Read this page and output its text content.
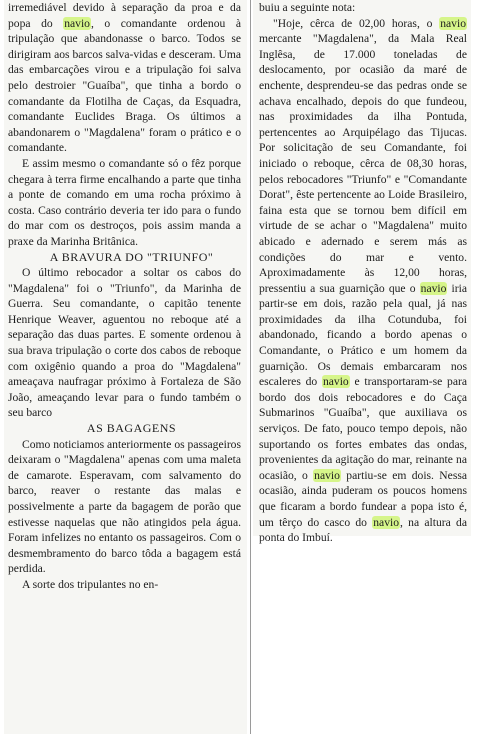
irremediável devido à separação da proa e da popa do navio, o comandante ordenou à tripulação que abandonasse o barco. Todos se dirigiram aos barcos salva-vidas e desceram. Uma das embarcações virou e a tripulação foi salva pelo destroier "Guaíba", que tinha a bordo o comandante da Flotilha de Caças, da Esquadra, comandante Euclides Braga. Os últimos a abandonarem o "Magdalena" foram o prático e o comandante.

E assim mesmo o comandante só o fêz porque chegara à terra firme encalhando a parte que tinha a ponte de comando em uma rocha próximo à costa. Caso contrário deveria ter ido para o fundo do mar com os destroços, pois assim manda a praxe da Marinha Britânica.

A BRAVURA DO "TRIUNFO"

O último rebocador a soltar os cabos do "Magdalena" foi o "Triunfo", da Marinha de Guerra. Seu comandante, o capitão tenente Henrique Weaver, aguentou no reboque até a separação das duas partes. E somente ordenou à sua brava tripulação o corte dos cabos de reboque com oxigênio quando a proa do "Magdalena" ameaçava naufragar próximo à Fortaleza de São João, ameaçando levar para o fundo também o seu barco

AS BAGAGENS

Como noticiamos anteriormente os passageiros deixaram o "Magdalena" apenas com uma maleta de camarote. Esperavam, com salvamento do barco, reaver o restante das malas e possivelmente a parte da bagagem de porão que estivesse naquelas que não atingidos pela água. Foram infelizes no entanto os passageiros. Com o desmembramento do barco tôda a bagagem está perdida.

A sorte dos tripulantes no en-

buiu a seguinte nota:

"Hoje, cêrca de 02,00 horas, o navio mercante "Magdalena", da Mala Real Inglêsa, de 17.000 toneladas de deslocamento, por ocasião da maré de enchente, desprendeu-se das pedras onde se achava encalhado, depois do que fundeou, nas proximidades da ilha Pontuda, pertencentes ao Arquipélago das Tijucas. Por solicitação de seu Comandante, foi iniciado o reboque, cêrca de 08,30 horas, pelos rebocadores "Triunfo" e "Comandante Dorat", êste pertencente ao Loide Brasileiro, faina esta que se tornou bem difícil em virtude de se achar o "Magdalena" muito abicado e adernado e serem más as condições do mar e vento. Aproximadamente às 12,00 horas, pressentiu a sua guarnição que o navio iria partir-se em dois, razão pela qual, já nas proximidades da ilha Cotunduba, foi abandonado, ficando a bordo apenas o Comandante, o Prático e um homem da guarnição. Os demais embarcaram nos escaleres do navio e transportaram-se para bordo dos dois rebocadores e do Caça Submarinos "Guaíba", que auxiliava os serviços. De fato, pouco tempo depois, não suportando os fortes embates das ondas, provenientes da agitação do mar, reinante na ocasião, o navio partiu-se em dois. Nessa ocasião, ainda puderam os poucos homens que ficaram a bordo fundear a popa isto é, um têrço do casco do navio, na altura da ponta do Imbuí.
